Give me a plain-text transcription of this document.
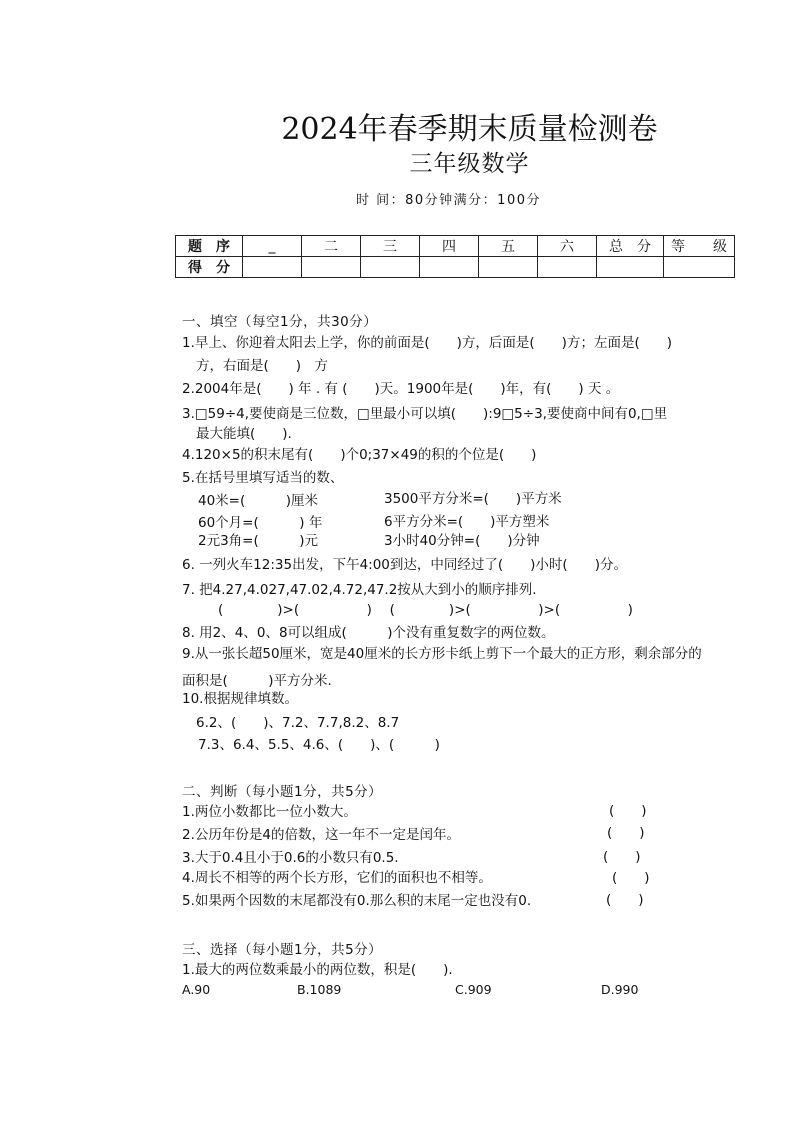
2024年春季期末质量检测卷
三年级数学
时 间：80分钟满分：100分
题　序	_	二	三	四	五	六	总　分	等　　级
得　分								
一、填空（每空1分，共30分）
1.早上、你迎着太阳去上学，你的前面是(　　)方，后面是(　　)方；左面是(　　)
方，右面是(　　)　方
2.2004年是(　　) 年 . 有 (　　)天。1900年是(　　)年，有(　　) 天 。
3.□59÷4,要使商是三位数，□里最小可以填(　　):9□5÷3,要使商中间有0,□里
最大能填(　　).
4.120×5的积末尾有(　　)个0;37×49的积的个位是(　　)
5.在括号里填写适当的数、
40米=(　　　)厘米	3500平方分米=(　　)平方米
60个月=(　　　) 年	6平方分米=(　　)平方塑米
2元3角=(　　　)元	3小时40分钟=(　　)分钟
6. 一列火车12:35出发，下午4:00到达，中同经过了(　　)小时(　　)分。
7. 把4.27,4.027,47.02,4.72,47.2按从大到小的顺序排列.
(　　　　)>(　　　　　)　 (　　　　)>(　　　　　)>(　　　　　)
8. 用2、4、0、8可以组成(　　　)个没有重复数字的两位数。
9.从一张长超50厘米，宽是40厘米的长方形卡纸上剪下一个最大的正方形，剩余部分的
面积是(　　　)平方分米.
10.根据规律填数。
6.2、(　　)、7.2、7.7,8.2、8.7
7.3、6.4、5.5、4.6、(　　)、(　　　)
二、判断（每小题1分，共5分）
1.两位小数都比一位小数大。	(　　)
2.公历年份是4的倍数，这一年不一定是闰年。	(　　)
3.大于0.4且小于0.6的小数只有0.5.	(　　)
4.周长不相等的两个长方形，它们的面积也不相等。	(　　)
5.如果两个因数的末尾都没有0.那么积的末尾一定也没有0.	(　　)
三、选择（每小题1分，共5分）
1.最大的两位数乘最小的两位数，积是(　　).
A.90	B.1089	C.909	D.990
